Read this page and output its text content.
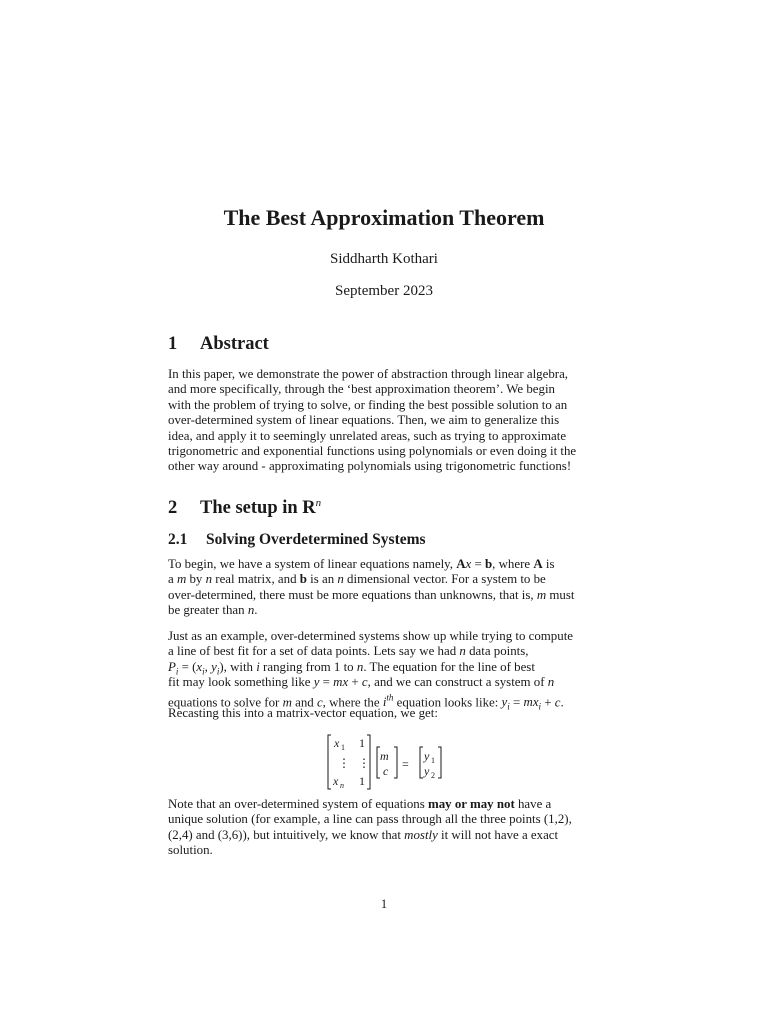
The Best Approximation Theorem
Siddharth Kothari
September 2023
1 Abstract
In this paper, we demonstrate the power of abstraction through linear algebra,
and more specifically, through the ‘best approximation theorem’. We begin
with the problem of trying to solve, or finding the best possible solution to an
over-determined system of linear equations. Then, we aim to generalize this
idea, and apply it to seemingly unrelated areas, such as trying to approximate
trigonometric and exponential functions using polynomials or even doing it the
other way around - approximating polynomials using trigonometric functions!
2 The setup in $R^n$
2.1 Solving Overdetermined Systems
To begin, we have a system of linear equations namely, Ax = b, where A is
a m by n real matrix, and b is an n dimensional vector. For a system to be
over-determined, there must be more equations than unknowns, that is, m must
be greater than n.
Just as an example, over-determined systems show up while trying to compute
a line of best fit for a set of data points. Lets say we had n data points,
$P_i = (x_i$, $y_i$), with i ranging from 1 to n. The equation for the line of best
fit may look something like y = mx + c, and we can construct a system of n
equations to solve for m and c, where the $i^{th}$ equation looks like: $y_i = mx_i + c$.
Recasting this into a matrix-vector equation, we get:
x 1 1
⋮ ⋮
x n 1
m
c =
y 1
y 2
Note that an over-determined system of equations may or may not have a
unique solution (for example, a line can pass through all the three points (1,2),
(2,4) and (3,6)), but intuitively, we know that mostly it will not have a exact
solution.
1
